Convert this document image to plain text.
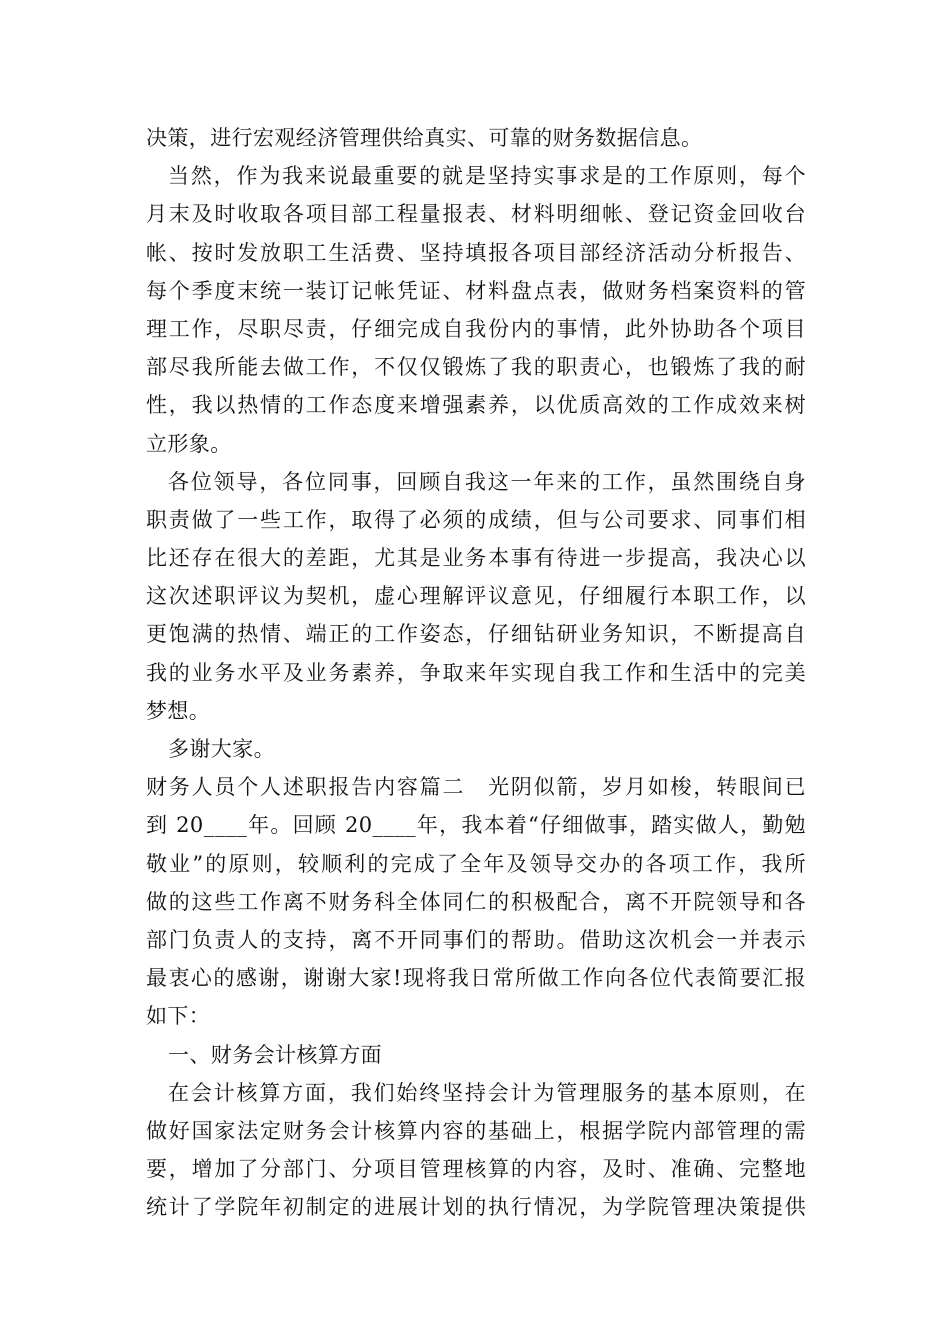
决策，进行宏观经济管理供给真实、可靠的财务数据信息。
当然，作为我来说最重要的就是坚持实事求是的工作原则，每个
月末及时收取各项目部工程量报表、材料明细帐、登记资金回收台
帐、按时发放职工生活费、坚持填报各项目部经济活动分析报告、
每个季度末统一装订记帐凭证、材料盘点表，做财务档案资料的管
理工作，尽职尽责，仔细完成自我份内的事情，此外协助各个项目
部尽我所能去做工作，不仅仅锻炼了我的职责心，也锻炼了我的耐
性，我以热情的工作态度来增强素养，以优质高效的工作成效来树
立形象。
各位领导，各位同事，回顾自我这一年来的工作，虽然围绕自身
职责做了一些工作，取得了必须的成绩，但与公司要求、同事们相
比还存在很大的差距，尤其是业务本事有待进一步提高，我决心以
这次述职评议为契机，虚心理解评议意见，仔细履行本职工作，以
更饱满的热情、端正的工作姿态，仔细钻研业务知识，不断提高自
我的业务水平及业务素养，争取来年实现自我工作和生活中的完美
梦想。
多谢大家。
财务人员个人述职报告内容篇二　光阴似箭，岁月如梭，转眼间已
到 20____年。回顾 20____年，我本着“仔细做事，踏实做人，勤勉
敬业”的原则，较顺利的完成了全年及领导交办的各项工作，我所
做的这些工作离不财务科全体同仁的积极配合，离不开院领导和各
部门负责人的支持，离不开同事们的帮助。借助这次机会一并表示
最衷心的感谢，谢谢大家!现将我日常所做工作向各位代表简要汇报
如下：
一、财务会计核算方面
在会计核算方面，我们始终坚持会计为管理服务的基本原则，在
做好国家法定财务会计核算内容的基础上，根据学院内部管理的需
要，增加了分部门、分项目管理核算的内容，及时、准确、完整地
统计了学院年初制定的进展计划的执行情况，为学院管理决策提供
